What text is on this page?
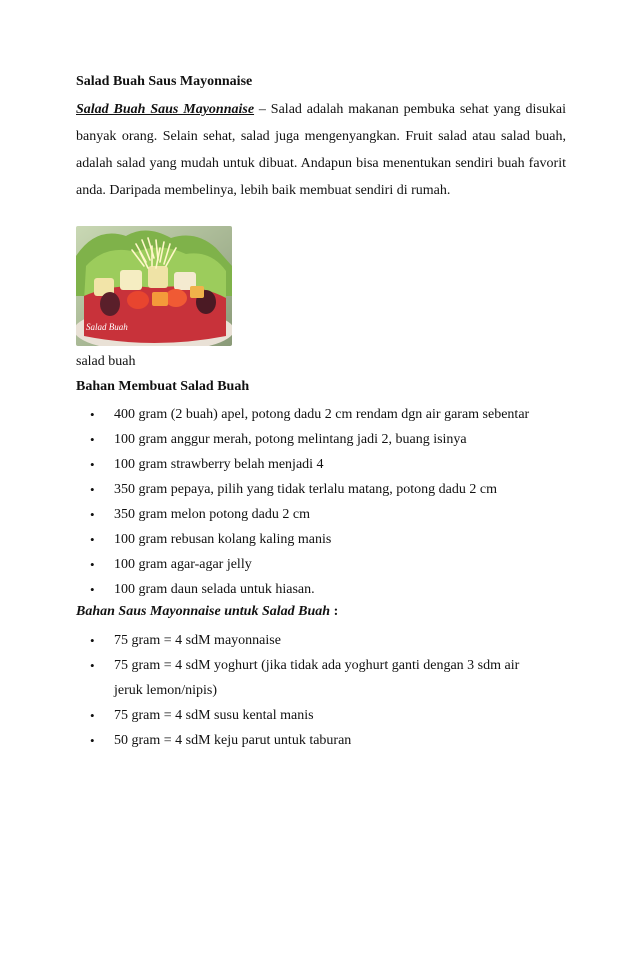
Salad Buah Saus Mayonnaise

Salad Buah Saus Mayonnaise – Salad adalah makanan pembuka sehat yang disukai banyak orang. Selain sehat, salad juga mengenyangkan. Fruit salad atau salad buah, adalah salad yang mudah untuk dibuat. Andapun bisa menentukan sendiri buah favorit anda. Daripada membelinya, lebih baik membuat sendiri di rumah.

Salad Buah
salad buah
Bahan Membuat Salad Buah
• 400 gram (2 buah) apel, potong dadu 2 cm rendam dgn air garam sebentar
• 100 gram anggur merah, potong melintang jadi 2, buang isinya
• 100 gram strawberry belah menjadi 4
• 350 gram pepaya, pilih yang tidak terlalu matang, potong dadu 2 cm
• 350 gram melon potong dadu 2 cm
• 100 gram rebusan kolang kaling manis
• 100 gram agar-agar jelly
• 100 gram daun selada untuk hiasan.
Bahan Saus Mayonnaise untuk Salad Buah :
• 75 gram = 4 sdM mayonnaise
• 75 gram = 4 sdM yoghurt (jika tidak ada yoghurt ganti dengan 3 sdm air jeruk lemon/nipis)
• 75 gram = 4 sdM susu kental manis
• 50 gram = 4 sdM keju parut untuk taburan
